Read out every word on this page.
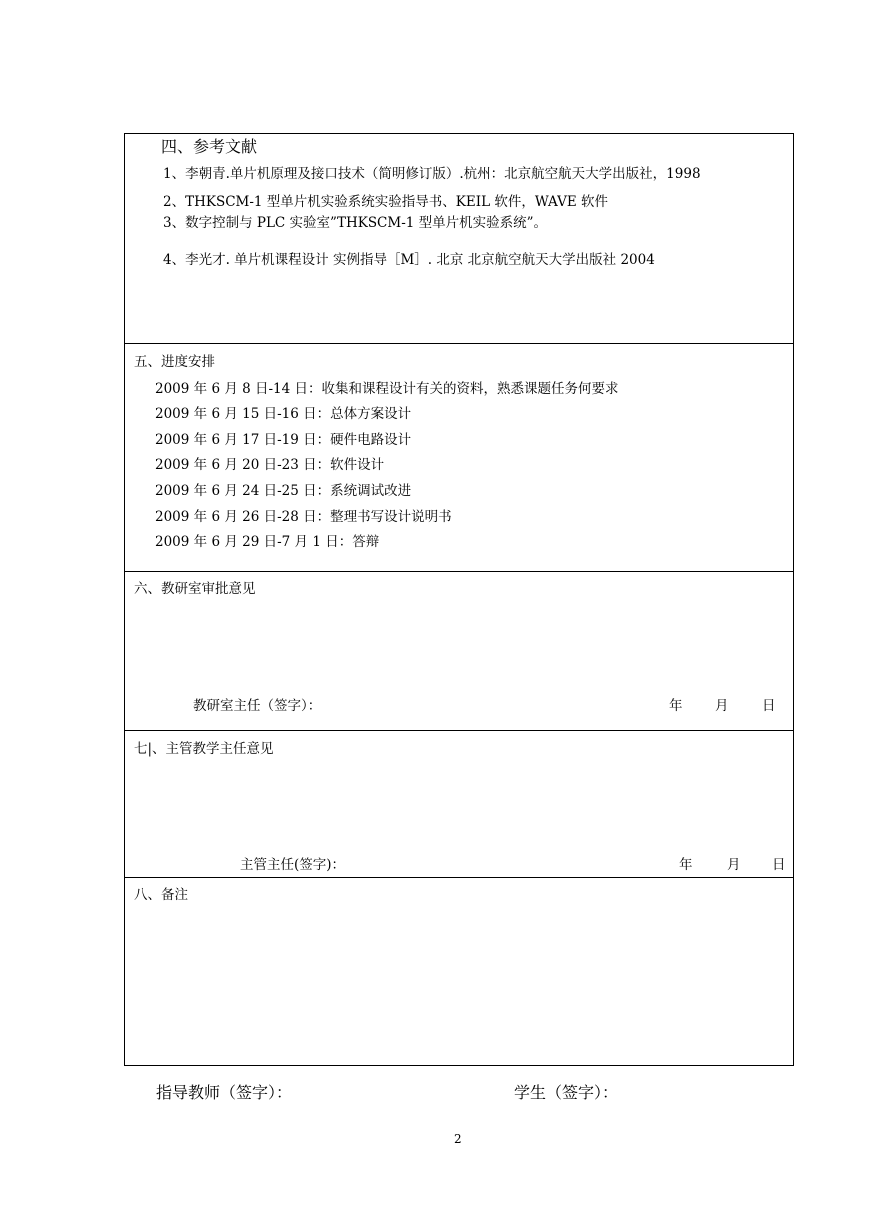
四、参考文献
1、李朝青.单片机原理及接口技术（简明修订版）.杭州：北京航空航天大学出版社，1998
2、THKSCM-1 型单片机实验系统实验指导书、KEIL 软件，WAVE 软件
3、数字控制与 PLC 实验室”THKSCM-1 型单片机实验系统”。
4、李光才. 单片机课程设计 实例指导［M］. 北京 北京航空航天大学出版社 2004
五、进度安排
2009 年 6 月 8 日-14 日：收集和课程设计有关的资料，熟悉课题任务何要求
2009 年 6 月 15 日-16 日：总体方案设计
2009 年 6 月 17 日-19 日：硬件电路设计
2009 年 6 月 20 日-23 日：软件设计
2009 年 6 月 24 日-25 日：系统调试改进
2009 年 6 月 26 日-28 日：整理书写设计说明书
2009 年 6 月 29 日-7 月 1 日：答辩
六、教研室审批意见
教研室主任（签字）：	年 月 日
七|、主管教学主任意见
主管主任(签字)：	年	月 日
八、备注
指导教师（签字）：	学生（签字）：
2
